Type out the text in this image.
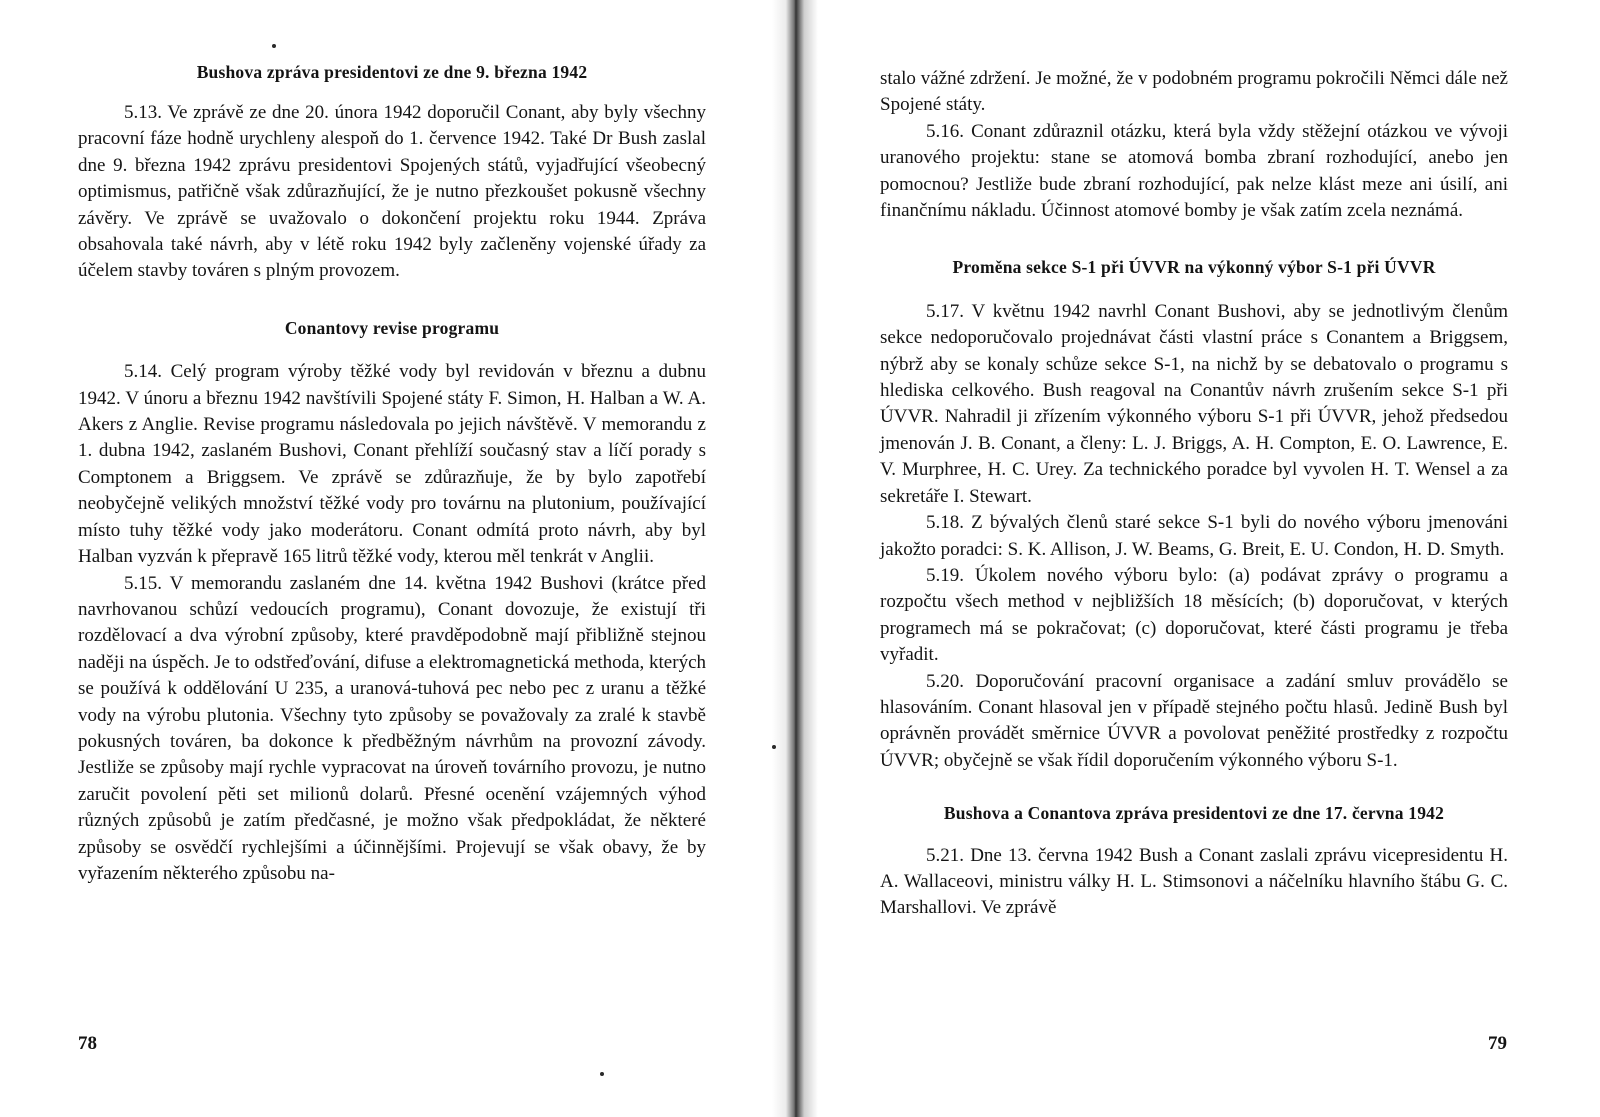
Bushova zpráva presidentovi ze dne 9. března 1942

5.13. Ve zprávě ze dne 20. února 1942 doporučil Conant, aby byly všechny pracovní fáze hodně urychleny alespoň do 1. července 1942. Také Dr Bush zaslal dne 9. března 1942 zprávu presidentovi Spojených států, vyjadřující všeobecný optimismus, patřičně však zdůrazňující, že je nutno přezkoušet pokusně všechny závěry. Ve zprávě se uvažovalo o dokončení projektu roku 1944. Zpráva obsahovala také návrh, aby v létě roku 1942 byly začleněny vojenské úřady za účelem stavby továren s plným provozem.

Conantovy revise programu

5.14. Celý program výroby těžké vody byl revidován v březnu a dubnu 1942. V únoru a březnu 1942 navštívili Spojené státy F. Simon, H. Halban a W. A. Akers z Anglie. Revise programu následovala po jejich návštěvě. V memorandu z 1. dubna 1942, zaslaném Bushovi, Conant přehlíží současný stav a líčí porady s Comptonem a Briggsem. Ve zprávě se zdůrazňuje, že by bylo zapotřebí neobyčejně velikých množství těžké vody pro továrnu na plutonium, používající místo tuhy těžké vody jako moderátoru. Conant odmítá proto návrh, aby byl Halban vyzván k přepravě 165 litrů těžké vody, kterou měl tenkrát v Anglii.

5.15. V memorandu zaslaném dne 14. května 1942 Bushovi (krátce před navrhovanou schůzí vedoucích programu), Conant dovozuje, že existují tři rozdělovací a dva výrobní způsoby, které pravděpodobně mají přibližně stejnou naději na úspěch. Je to odstřeďování, difuse a elektromagnetická methoda, kterých se používá k oddělování U 235, a uranová-tuhová pec nebo pec z uranu a těžké vody na výrobu plutonia. Všechny tyto způsoby se považovaly za zralé k stavbě pokusných továren, ba dokonce k předběžným návrhům na provozní závody. Jestliže se způsoby mají rychle vypracovat na úroveň továrního provozu, je nutno zaručit povolení pěti set milionů dolarů. Přesné ocenění vzájemných výhod různých způsobů je zatím předčasné, je možno však předpokládat, že některé způsoby se osvědčí rychlejšími a účinnějšími. Projevují se však obavy, že by vyřazením některého způsobu na-

78

stalo vážné zdržení. Je možné, že v podobném programu pokročili Němci dále než Spojené státy.

5.16. Conant zdůraznil otázku, která byla vždy stěžejní otázkou ve vývoji uranového projektu: stane se atomová bomba zbraní rozhodující, anebo jen pomocnou? Jestliže bude zbraní rozhodující, pak nelze klást meze ani úsilí, ani finančnímu nákladu. Účinnost atomové bomby je však zatím zcela neznámá.

Proměna sekce S-1 při ÚVVR na výkonný výbor S-1 při ÚVVR

5.17. V květnu 1942 navrhl Conant Bushovi, aby se jednotlivým členům sekce nedoporučovalo projednávat části vlastní práce s Conantem a Briggsem, nýbrž aby se konaly schůze sekce S-1, na nichž by se debatovalo o programu s hlediska celkového. Bush reagoval na Conantův návrh zrušením sekce S-1 při ÚVVR. Nahradil ji zřízením výkonného výboru S-1 při ÚVVR, jehož předsedou jmenován J. B. Conant, a členy: L. J. Briggs, A. H. Compton, E. O. Lawrence, E. V. Murphree, H. C. Urey. Za technického poradce byl vyvolen H. T. Wensel a za sekretáře I. Stewart.

5.18. Z bývalých členů staré sekce S-1 byli do nového výboru jmenováni jakožto poradci: S. K. Allison, J. W. Beams, G. Breit, E. U. Condon, H. D. Smyth.

5.19. Úkolem nového výboru bylo: (a) podávat zprávy o programu a rozpočtu všech method v nejbližších 18 měsících; (b) doporučovat, v kterých programech má se pokračovat; (c) doporučovat, které části programu je třeba vyřadit.

5.20. Doporučování pracovní organisace a zadání smluv provádělo se hlasováním. Conant hlasoval jen v případě stejného počtu hlasů. Jedině Bush byl oprávněn provádět směrnice ÚVVR a povolovat peněžité prostředky z rozpočtu ÚVVR; obyčejně se však řídil doporučením výkonného výboru S-1.

Bushova a Conantova zpráva presidentovi ze dne 17. června 1942

5.21. Dne 13. června 1942 Bush a Conant zaslali zprávu vicepresidentu H. A. Wallaceovi, ministru války H. L. Stimsonovi a náčelníku hlavního štábu G. C. Marshallovi. Ve zprávě

79
